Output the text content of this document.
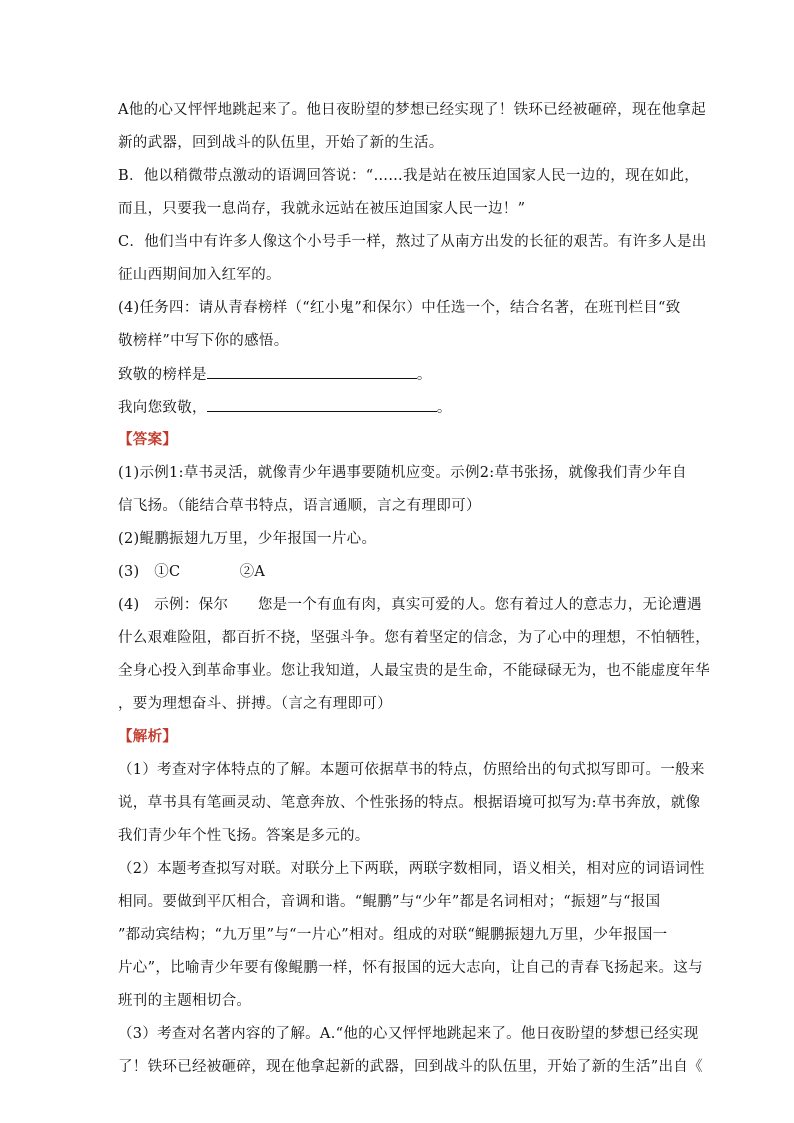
A他的心又怦怦地跳起来了。他日夜盼望的梦想已经实现了！铁环已经被砸碎，现在他拿起
新的武器，回到战斗的队伍里，开始了新的生活。
B．他以稍微带点激动的语调回答说：“……我是站在被压迫国家人民一边的，现在如此，
而且，只要我一息尚存，我就永远站在被压迫国家人民一边！”
C．他们当中有许多人像这个小号手一样，熬过了从南方出发的长征的艰苦。有许多人是出
征山西期间加入红军的。
(4)任务四：请从青春榜样（“红小鬼”和保尔）中任选一个，结合名著，在班刊栏目“致
敬榜样”中写下你的感悟。
致敬的榜样是	。
我向您致敬，	。
【答案】
(1)示例1:草书灵活，就像青少年遇事要随机应变。示例2:草书张扬，就像我们青少年自
信飞扬。（能结合草书特点，语言通顺，言之有理即可）
(2)鲲鹏振翅九万里，少年报国一片心。
(3)　①C　　　　②A
(4)　示例：保尔　　您是一个有血有肉，真实可爱的人。您有着过人的意志力，无论遭遇
什么艰难险阻，都百折不挠，坚强斗争。您有着坚定的信念，为了心中的理想，不怕牺牲，
全身心投入到革命事业。您让我知道，人最宝贵的是生命，不能碌碌无为，也不能虚度年华
，要为理想奋斗、拼搏。（言之有理即可）
【解析】
（1）考查对字体特点的了解。本题可依据草书的特点，仿照给出的句式拟写即可。一般来
说，草书具有笔画灵动、笔意奔放、个性张扬的特点。根据语境可拟写为:草书奔放，就像
我们青少年个性飞扬。答案是多元的。
（2）本题考查拟写对联。对联分上下两联，两联字数相同，语义相关，相对应的词语词性
相同。要做到平仄相合，音调和谐。“鲲鹏”与“少年”都是名词相对；“振翅”与“报国
”都动宾结构；“九万里”与“一片心”相对。组成的对联“鲲鹏振翅九万里，少年报国一
片心”，比喻青少年要有像鲲鹏一样，怀有报国的远大志向，让自己的青春飞扬起来。这与
班刊的主题相切合。
（3）考查对名著内容的了解。A.“他的心又怦怦地跳起来了。他日夜盼望的梦想已经实现
了！铁环已经被砸碎，现在他拿起新的武器，回到战斗的队伍里，开始了新的生活”出自《
